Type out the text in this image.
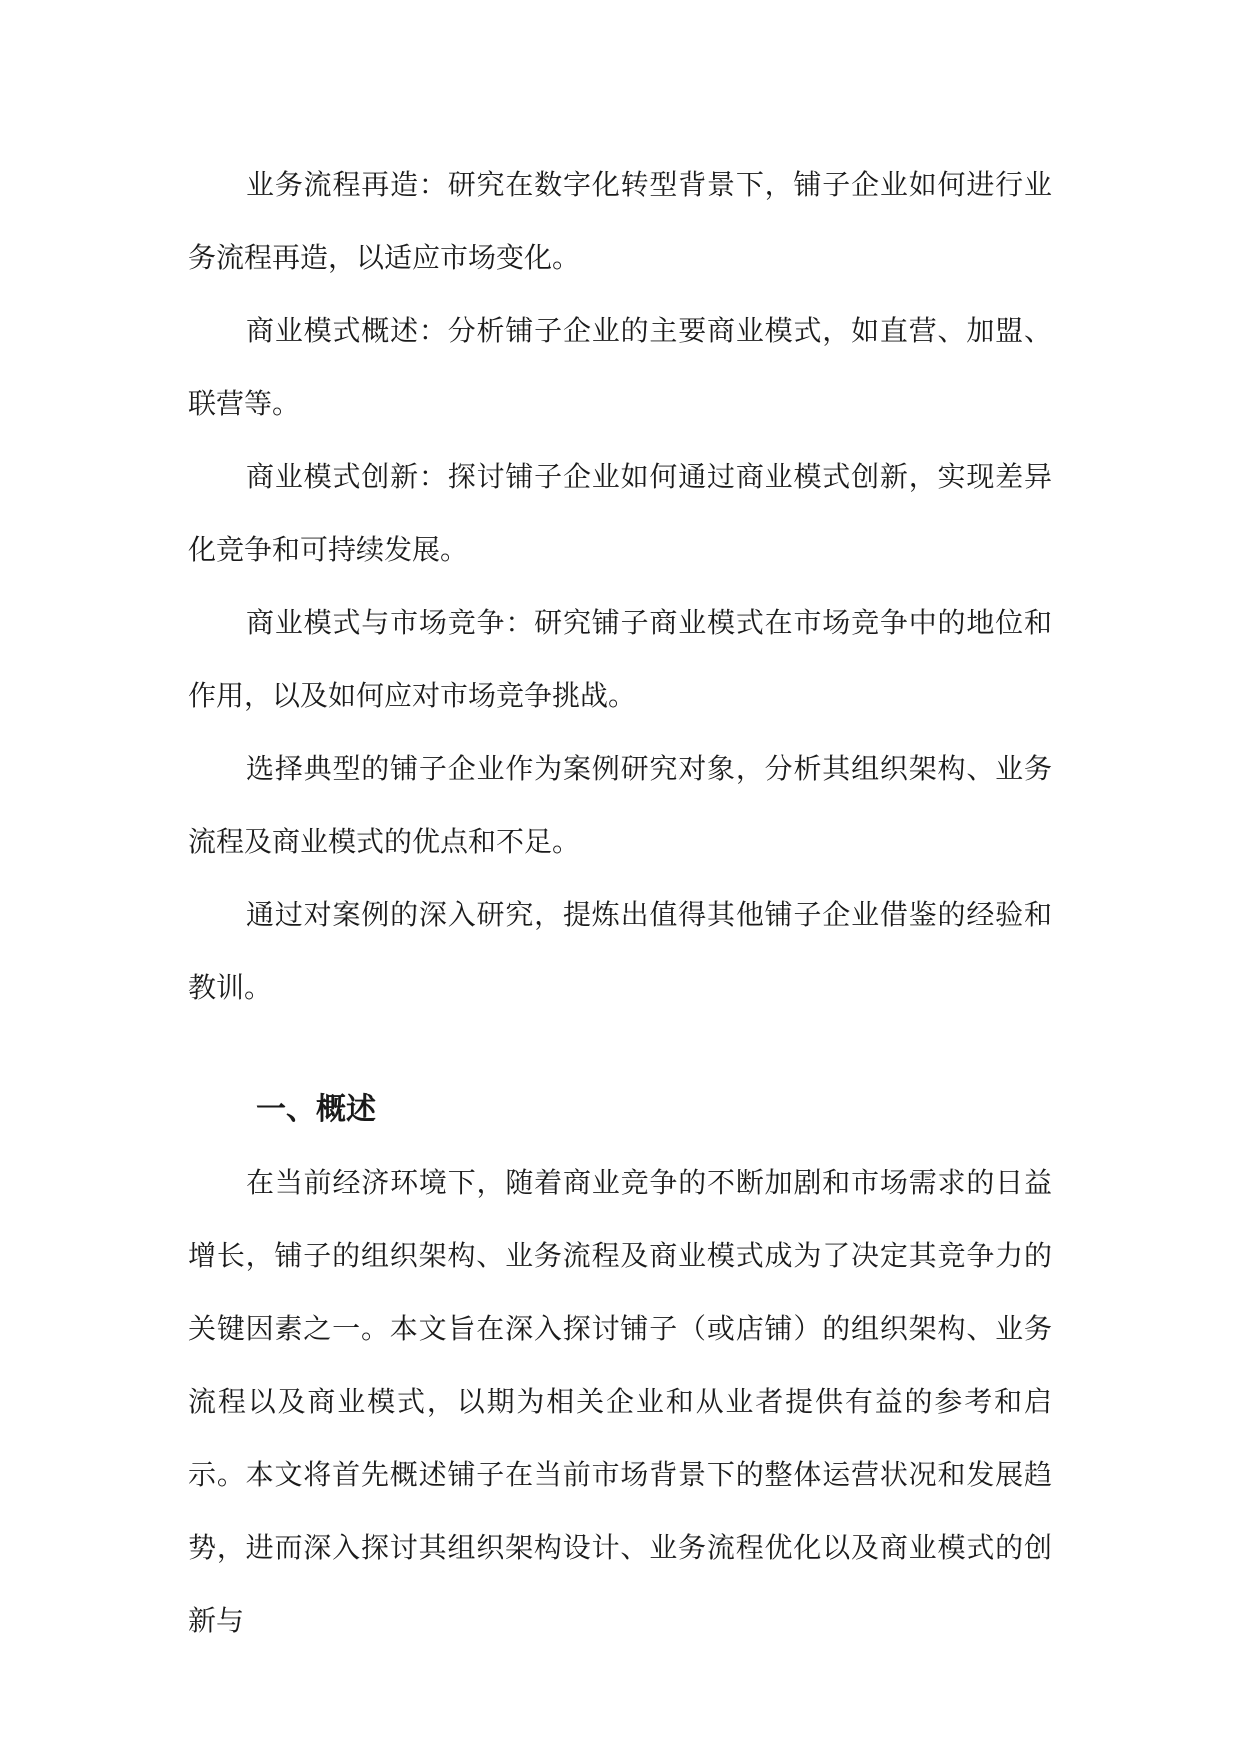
业务流程再造：研究在数字化转型背景下，铺子企业如何进行业务流程再造，以适应市场变化。

商业模式概述：分析铺子企业的主要商业模式，如直营、加盟、联营等。

商业模式创新：探讨铺子企业如何通过商业模式创新，实现差异化竞争和可持续发展。

商业模式与市场竞争：研究铺子商业模式在市场竞争中的地位和作用，以及如何应对市场竞争挑战。

选择典型的铺子企业作为案例研究对象，分析其组织架构、业务流程及商业模式的优点和不足。

通过对案例的深入研究，提炼出值得其他铺子企业借鉴的经验和教训。

一、概述

在当前经济环境下，随着商业竞争的不断加剧和市场需求的日益增长，铺子的组织架构、业务流程及商业模式成为了决定其竞争力的关键因素之一。本文旨在深入探讨铺子（或店铺）的组织架构、业务流程以及商业模式，以期为相关企业和从业者提供有益的参考和启示。本文将首先概述铺子在当前市场背景下的整体运营状况和发展趋势，进而深入探讨其组织架构设计、业务流程优化以及商业模式的创新与
